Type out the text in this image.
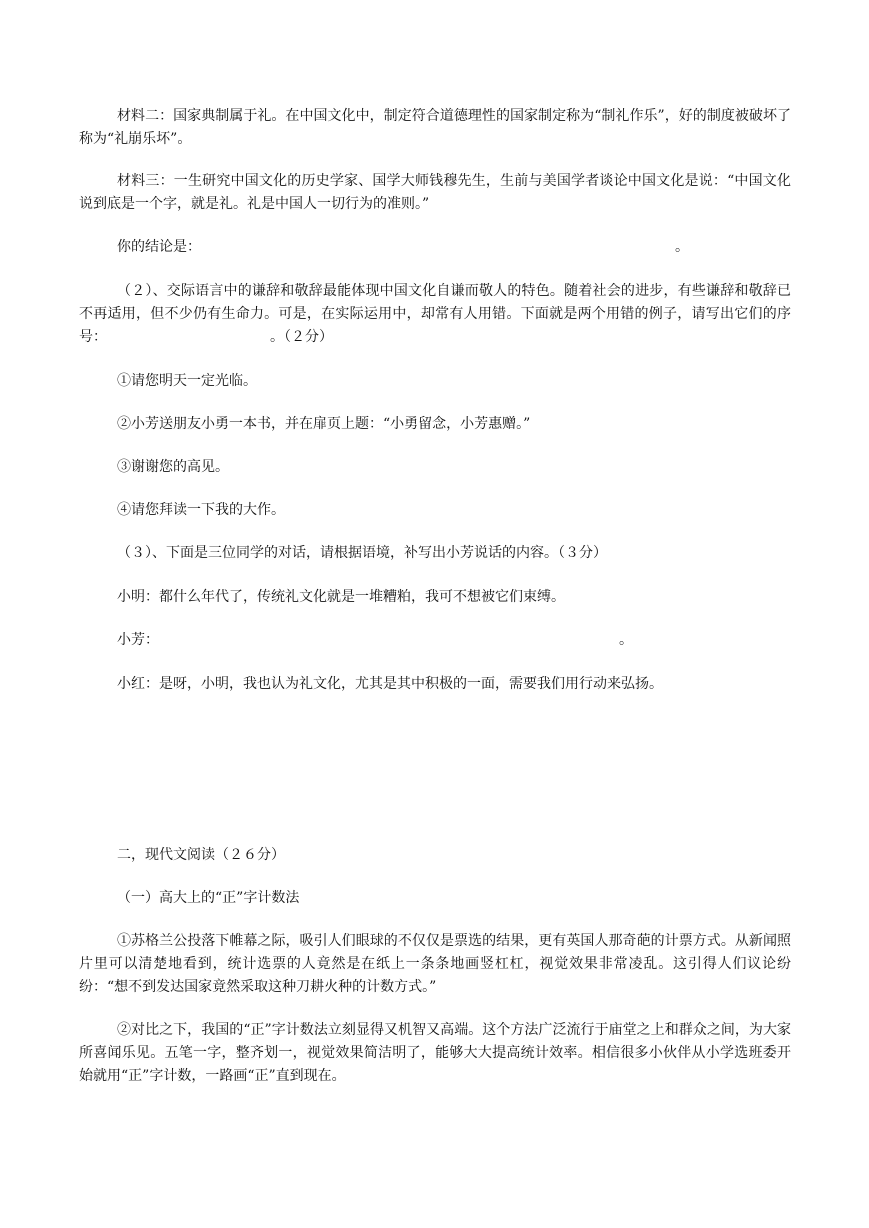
材料二：国家典制属于礼。在中国文化中，制定符合道德理性的国家制定称为“制礼作乐”，好的制度被破坏了称为“礼崩乐坏”。

材料三：一生研究中国文化的历史学家、国学大师钱穆先生，生前与美国学者谈论中国文化是说：“中国文化说到底是一个字，就是礼。礼是中国人一切行为的准则。”

你的结论是：	。

（２）、交际语言中的谦辞和敬辞最能体现中国文化自谦而敬人的特色。随着社会的进步，有些谦辞和敬辞已不再适用，但不少仍有生命力。可是，在实际运用中，却常有人用错。下面就是两个用错的例子，请写出它们的序号：	。（２分）

①请您明天一定光临。

②小芳送朋友小勇一本书，并在扉页上题：“小勇留念，小芳惠赠。”

③谢谢您的高见。

④请您拜读一下我的大作。

（３）、下面是三位同学的对话，请根据语境，补写出小芳说话的内容。（３分）

小明：都什么年代了，传统礼文化就是一堆糟粕，我可不想被它们束缚。

小芳：	。

小红：是呀，小明，我也认为礼文化，尤其是其中积极的一面，需要我们用行动来弘扬。

二，现代文阅读（２６分）

（一）高大上的“正”字计数法

①苏格兰公投落下帷幕之际，吸引人们眼球的不仅仅是票选的结果，更有英国人那奇葩的计票方式。从新闻照片里可以清楚地看到，统计选票的人竟然是在纸上一条条地画竖杠杠，视觉效果非常凌乱。这引得人们议论纷纷：“想不到发达国家竟然采取这种刀耕火种的计数方式。”

②对比之下，我国的“正”字计数法立刻显得又机智又高端。这个方法广泛流行于庙堂之上和群众之间，为大家所喜闻乐见。五笔一字，整齐划一，视觉效果简洁明了，能够大大提高统计效率。相信很多小伙伴从小学选班委开始就用“正”字计数，一路画“正”直到现在。
